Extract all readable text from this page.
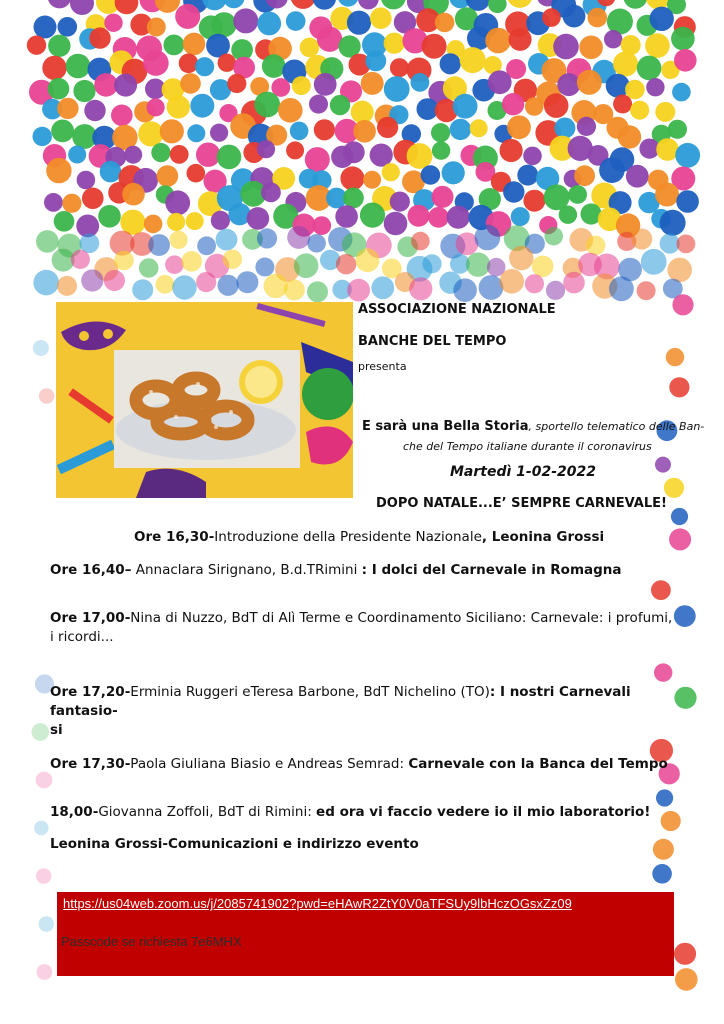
ASSOCIAZIONE NAZIONALE
BANCHE DEL TEMPO
presenta
E sarà una Bella Storia, sportello telematico delle Ban-
che del Tempo italiane durante il coronavirus
Martedì 1-02-2022
DOPO NATALE...E’ SEMPRE CARNEVALE!
Ore 16,30-Introduzione della Presidente Nazionale, Leonina Grossi
Ore 16,40– Annaclara Sirignano, B.d.TRimini : I dolci del Carnevale in Romagna
Ore 17,00-Nina di Nuzzo, BdT di Alì Terme e Coordinamento Siciliano: Carnevale: i profumi,
i ricordi...
Ore 17,20-Erminia Ruggeri eTeresa Barbone, BdT Nichelino (TO): I nostri Carnevali fantasio-
si
Ore 17,30-Paola Giuliana Biasio e Andreas Semrad: Carnevale con la Banca del Tempo
18,00-Giovanna Zoffoli, BdT di Rimini: ed ora vi faccio vedere io il mio laboratorio!
Leonina Grossi-Comunicazioni e indirizzo evento
https://us04web.zoom.us/j/2085741902?pwd=eHAwR2ZtY0V0aTFSUy9lbHczOGsxZz09
Passcode se richiesta 7e6MHX
